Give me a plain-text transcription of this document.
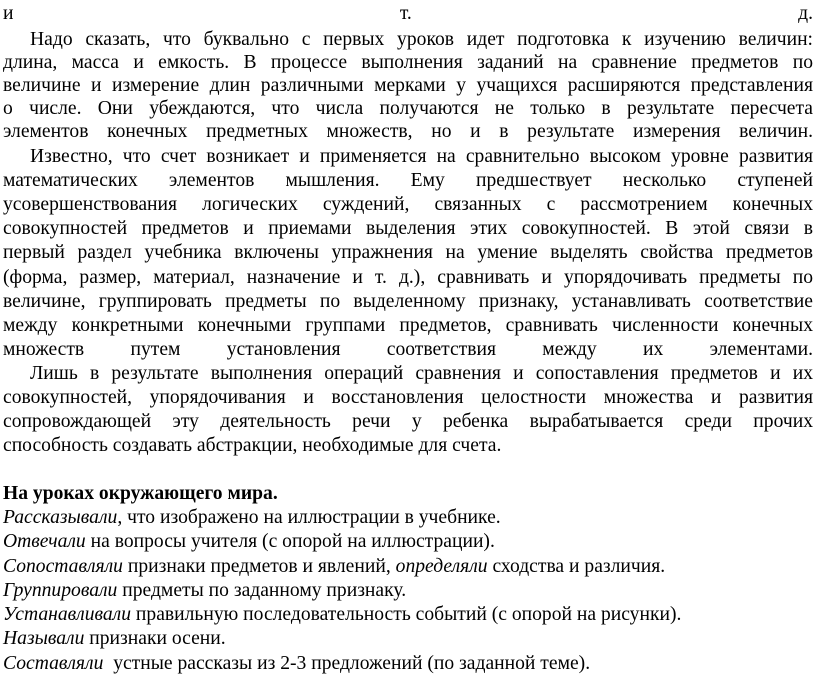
и	т. д.
Надо сказать, что буквально с первых уроков идет подготовка к изучению величин:
длина, масса и емкость. В процессе выполнения заданий на сравнение предметов по
величине и измерение длин различными мерками у учащихся расширяются представления
о числе. Они убеждаются, что числа получаются не только в результате пересчета
элементов конечных предметных множеств, но и в результате измерения величин.
Известно, что счет возникает и применяется на сравнительно высоком уровне развития
математических элементов мышления. Ему предшествует несколько ступеней
усовершенствования логических суждений, связанных с рассмотрением конечных
совокупностей предметов и приемами выделения этих совокупностей. В этой связи в
первый раздел учебника включены упражнения на умение выделять свойства предметов
(форма, размер, материал, назначение и т. д.), сравнивать и упорядочивать предметы по
величине, группировать предметы по выделенному признаку, устанавливать соответствие
между конкретными конечными группами предметов, сравнивать численности конечных
множеств путем установления соответствия между их элементами.
Лишь в результате выполнения операций сравнения и сопоставления предметов и их
совокупностей, упорядочивания и восстановления целостности множества и развития
сопровождающей эту деятельность речи у ребенка вырабатывается среди прочих
способность создавать абстракции, необходимые для счета.
На уроках окружающего мира.
Рассказывали, что изображено на иллюстрации в учебнике.
Отвечали на вопросы учителя (с опорой на иллюстрации).
Сопоставляли признаки предметов и явлений, определяли сходства и различия.
Группировали предметы по заданному признаку.
Устанавливали правильную последовательность событий (с опорой на рисунки).
Называли признаки осени.
Составляли  устные рассказы из 2-3 предложений (по заданной теме).
